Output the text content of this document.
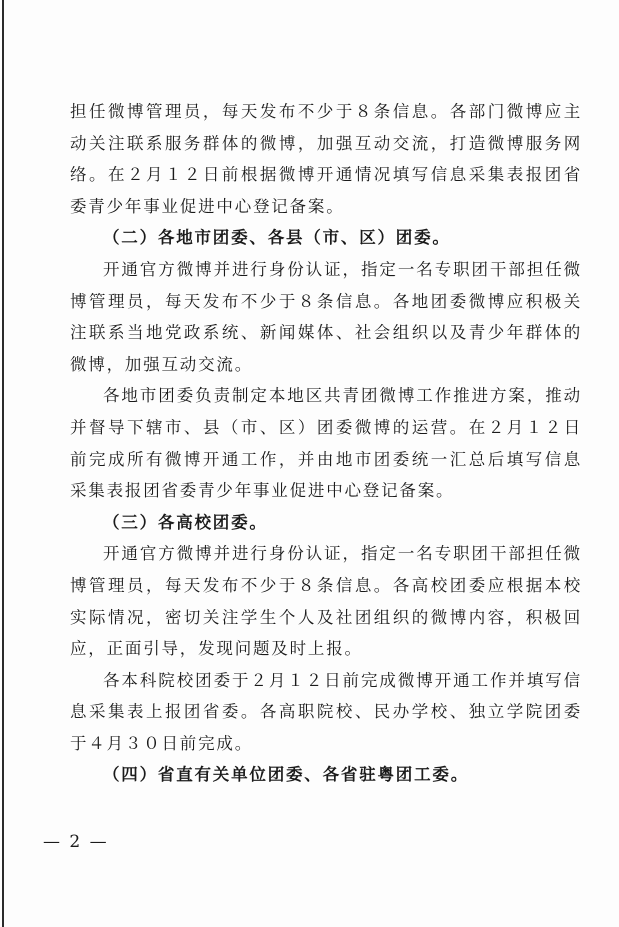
担任微博管理员，每天发布不少于８条信息。各部门微博应主动关注联系服务群体的微博，加强互动交流，打造微博服务网络。在２月１２日前根据微博开通情况填写信息采集表报团省委青少年事业促进中心登记备案。

（二）各地市团委、各县（市、区）团委。

开通官方微博并进行身份认证，指定一名专职团干部担任微博管理员，每天发布不少于８条信息。各地团委微博应积极关注联系当地党政系统、新闻媒体、社会组织以及青少年群体的微博，加强互动交流。

各地市团委负责制定本地区共青团微博工作推进方案，推动并督导下辖市、县（市、区）团委微博的运营。在２月１２日前完成所有微博开通工作，并由地市团委统一汇总后填写信息采集表报团省委青少年事业促进中心登记备案。

（三）各高校团委。

开通官方微博并进行身份认证，指定一名专职团干部担任微博管理员，每天发布不少于８条信息。各高校团委应根据本校实际情况，密切关注学生个人及社团组织的微博内容，积极回应，正面引导，发现问题及时上报。

各本科院校团委于２月１２日前完成微博开通工作并填写信息采集表上报团省委。各高职院校、民办学校、独立学院团委于４月３０日前完成。

（四）省直有关单位团委、各省驻粤团工委。

— 2 —
